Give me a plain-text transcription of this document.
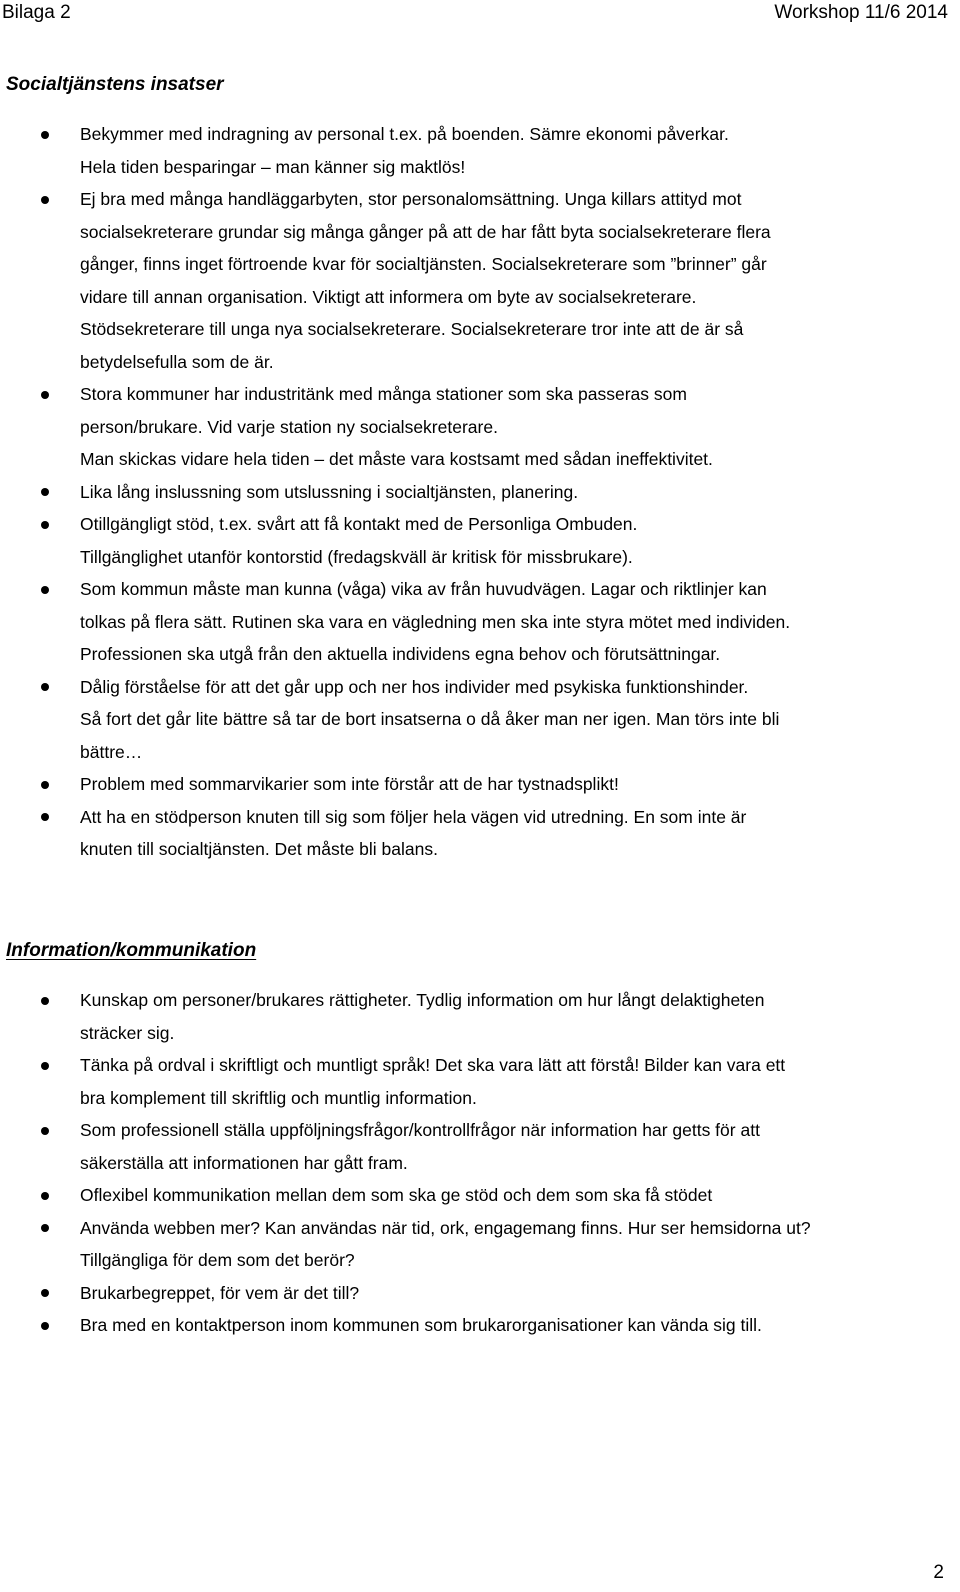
Bilaga 2	Workshop 11/6 2014
Socialtjänstens insatser
Bekymmer med indragning av personal t.ex. på boenden. Sämre ekonomi påverkar.
Hela tiden besparingar – man känner sig maktlös!
Ej bra med många handläggarbyten, stor personalomsättning. Unga killars attityd mot
socialsekreterare grundar sig många gånger på att de har fått byta socialsekreterare flera
gånger, finns inget förtroende kvar för socialtjänsten. Socialsekreterare som ”brinner” går
vidare till annan organisation. Viktigt att informera om byte av socialsekreterare.
Stödsekreterare till unga nya socialsekreterare. Socialsekreterare tror inte att de är så
betydelsefulla som de är.
Stora kommuner har industritänk med många stationer som ska passeras som
person/brukare. Vid varje station ny socialsekreterare.
Man skickas vidare hela tiden – det måste vara kostsamt med sådan ineffektivitet.
Lika lång inslussning som utslussning i socialtjänsten, planering.
Otillgängligt stöd, t.ex. svårt att få kontakt med de Personliga Ombuden.
Tillgänglighet utanför kontorstid (fredagskväll är kritisk för missbrukare).
Som kommun måste man kunna (våga) vika av från huvudvägen. Lagar och riktlinjer kan
tolkas på flera sätt. Rutinen ska vara en vägledning men ska inte styra mötet med individen.
Professionen ska utgå från den aktuella individens egna behov och förutsättningar.
Dålig förståelse för att det går upp och ner hos individer med psykiska funktionshinder.
Så fort det går lite bättre så tar de bort insatserna o då åker man ner igen. Man törs inte bli
bättre…
Problem med sommarvikarier som inte förstår att de har tystnadsplikt!
Att ha en stödperson knuten till sig som följer hela vägen vid utredning. En som inte är
knuten till socialtjänsten. Det måste bli balans.
Information/kommunikation
Kunskap om personer/brukares rättigheter. Tydlig information om hur långt delaktigheten
sträcker sig.
Tänka på ordval i skriftligt och muntligt språk! Det ska vara lätt att förstå! Bilder kan vara ett
bra komplement till skriftlig och muntlig information.
Som professionell ställa uppföljningsfrågor/kontrollfrågor när information har getts för att
säkerställa att informationen har gått fram.
Oflexibel kommunikation mellan dem som ska ge stöd och dem som ska få stödet
Använda webben mer? Kan användas när tid, ork, engagemang finns. Hur ser hemsidorna ut?
Tillgängliga för dem som det berör?
Brukarbegreppet, för vem är det till?
Bra med en kontaktperson inom kommunen som brukarorganisationer kan vända sig till.
2
